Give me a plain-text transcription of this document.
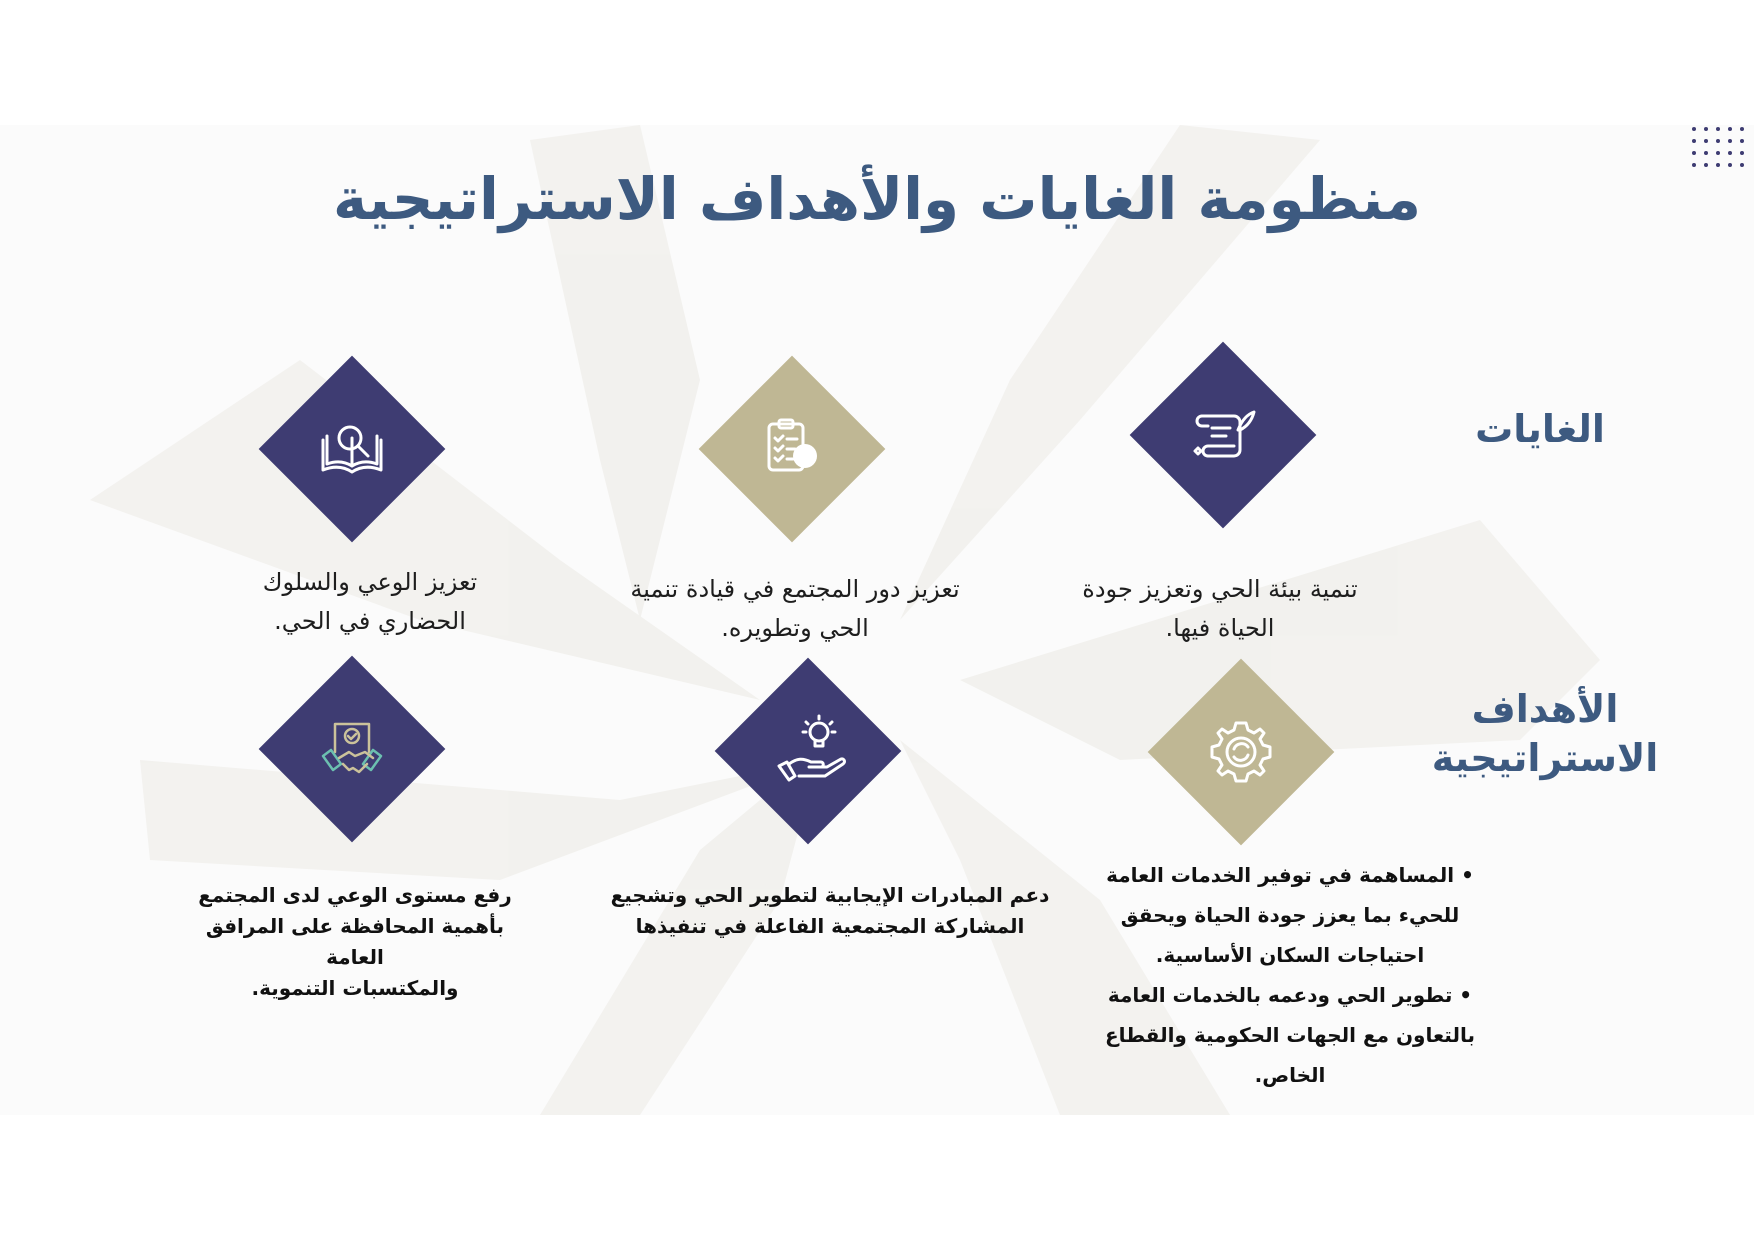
منظومة الغايات والأهداف الاستراتيجية
الغايات
الأهداف
الاستراتيجية
تنمية بيئة الحي وتعزيز جودة
الحياة فيها.
تعزيز دور المجتمع في قيادة تنمية
الحي وتطويره.
تعزيز الوعي والسلوك
الحضاري في الحي.
• المساهمة في توفير الخدمات العامة للحيء بما يعزز جودة الحياة ويحقق احتياجات السكان الأساسية.
• تطوير الحي ودعمه بالخدمات العامة بالتعاون مع الجهات الحكومية والقطاع الخاص.
دعم المبادرات الإيجابية لتطوير الحي وتشجيع
المشاركة المجتمعية الفاعلة في تنفيذها
رفع مستوى الوعي لدى المجتمع
بأهمية المحافظة على المرافق العامة
والمكتسبات التنموية.
